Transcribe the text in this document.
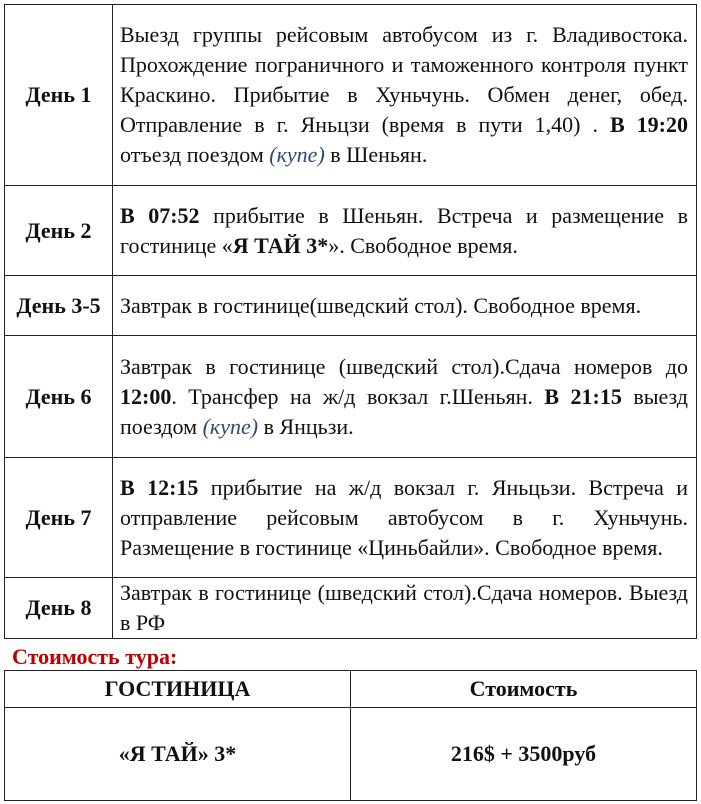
День 1	Выезд группы рейсовым автобусом из г. Владивостока. Прохождение пограничного и таможенного контроля пункт Краскино. Прибытие в Хуньчунь. Обмен денег, обед. Отправление в г. Яньцзи (время в пути 1,40) . В 19:20 отъезд поездом (купе) в Шеньян.
День 2	В 07:52 прибытие в Шеньян. Встреча и размещение в гостинице «Я ТАЙ 3*». Свободное время.
День 3-5	Завтрак в гостинице(шведский стол). Свободное время.
День 6	Завтрак в гостинице (шведский стол).Сдача номеров до 12:00. Трансфер на ж/д вокзал г.Шеньян. В 21:15 выезд поездом (купе) в Янцьзи.
День 7	В 12:15 прибытие на ж/д вокзал г. Яньцьзи. Встреча и отправление рейсовым автобусом в г. Хуньчунь. Размещение в гостинице «Циньбайли». Свободное время.
День 8	Завтрак в гостинице (шведский стол).Сдача номеров. Выезд в РФ
Стоимость тура:
ГОСТИНИЦА	Стоимость
«Я ТАЙ» 3*	216$ + 3500руб
